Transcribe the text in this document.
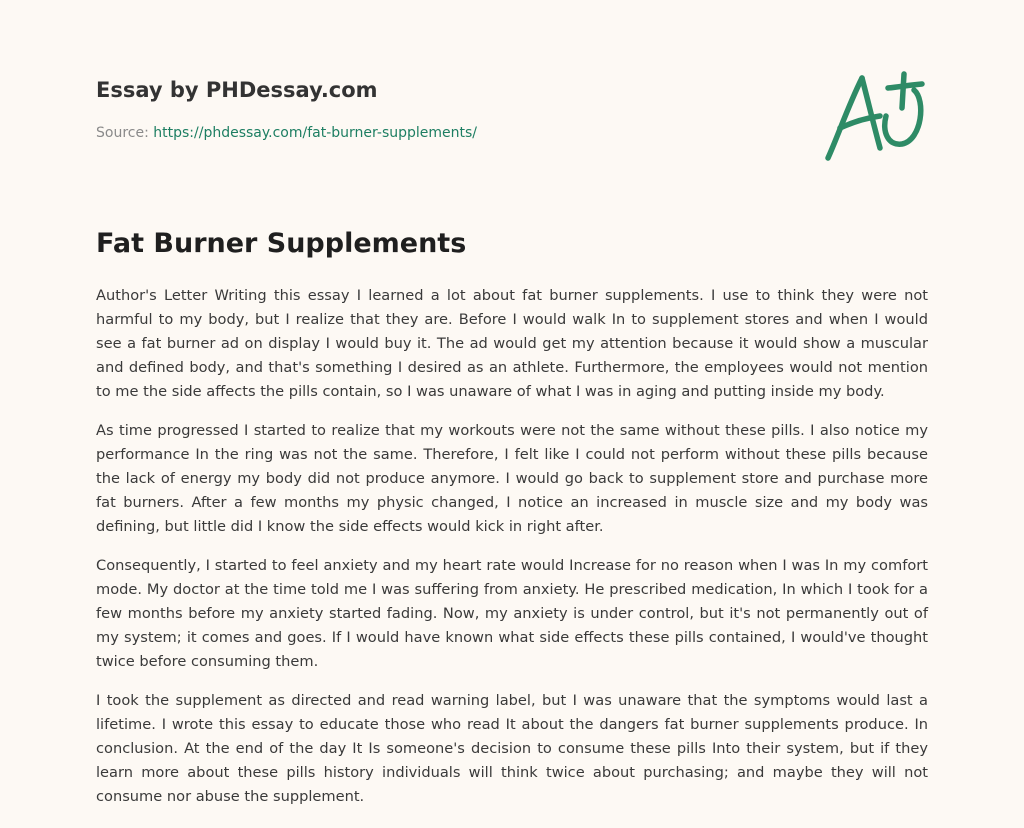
Essay by PHDessay.com
Source: https://phdessay.com/fat-burner-supplements/
Fat Burner Supplements

Author's Letter Writing this essay I learned a lot about fat burner supplements. I use to think they were not harmful to my body, but I realize that they are. Before I would walk In to supplement stores and when I would see a fat burner ad on display I would buy it. The ad would get my attention because it would show a muscular and defined body, and that's something I desired as an athlete. Furthermore, the employees would not mention to me the side affects the pills contain, so I was unaware of what I was in aging and putting inside my body.

As time progressed I started to realize that my workouts were not the same without these pills. I also notice my performance In the ring was not the same. Therefore, I felt like I could not perform without these pills because the lack of energy my body did not produce anymore. I would go back to supplement store and purchase more fat burners. After a few months my physic changed, I notice an increased in muscle size and my body was defining, but little did I know the side effects would kick in right after.

Consequently, I started to feel anxiety and my heart rate would Increase for no reason when I was In my comfort mode. My doctor at the time told me I was suffering from anxiety. He prescribed medication, In which I took for a few months before my anxiety started fading. Now, my anxiety is under control, but it's not permanently out of my system; it comes and goes. If I would have known what side effects these pills contained, I would've thought twice before consuming them.

I took the supplement as directed and read warning label, but I was unaware that the symptoms would last a lifetime. I wrote this essay to educate those who read It about the dangers fat burner supplements produce. In conclusion. At the end of the day It Is someone's decision to consume these pills Into their system, but if they learn more about these pills history individuals will think twice about purchasing; and maybe they will not consume nor abuse the supplement.
